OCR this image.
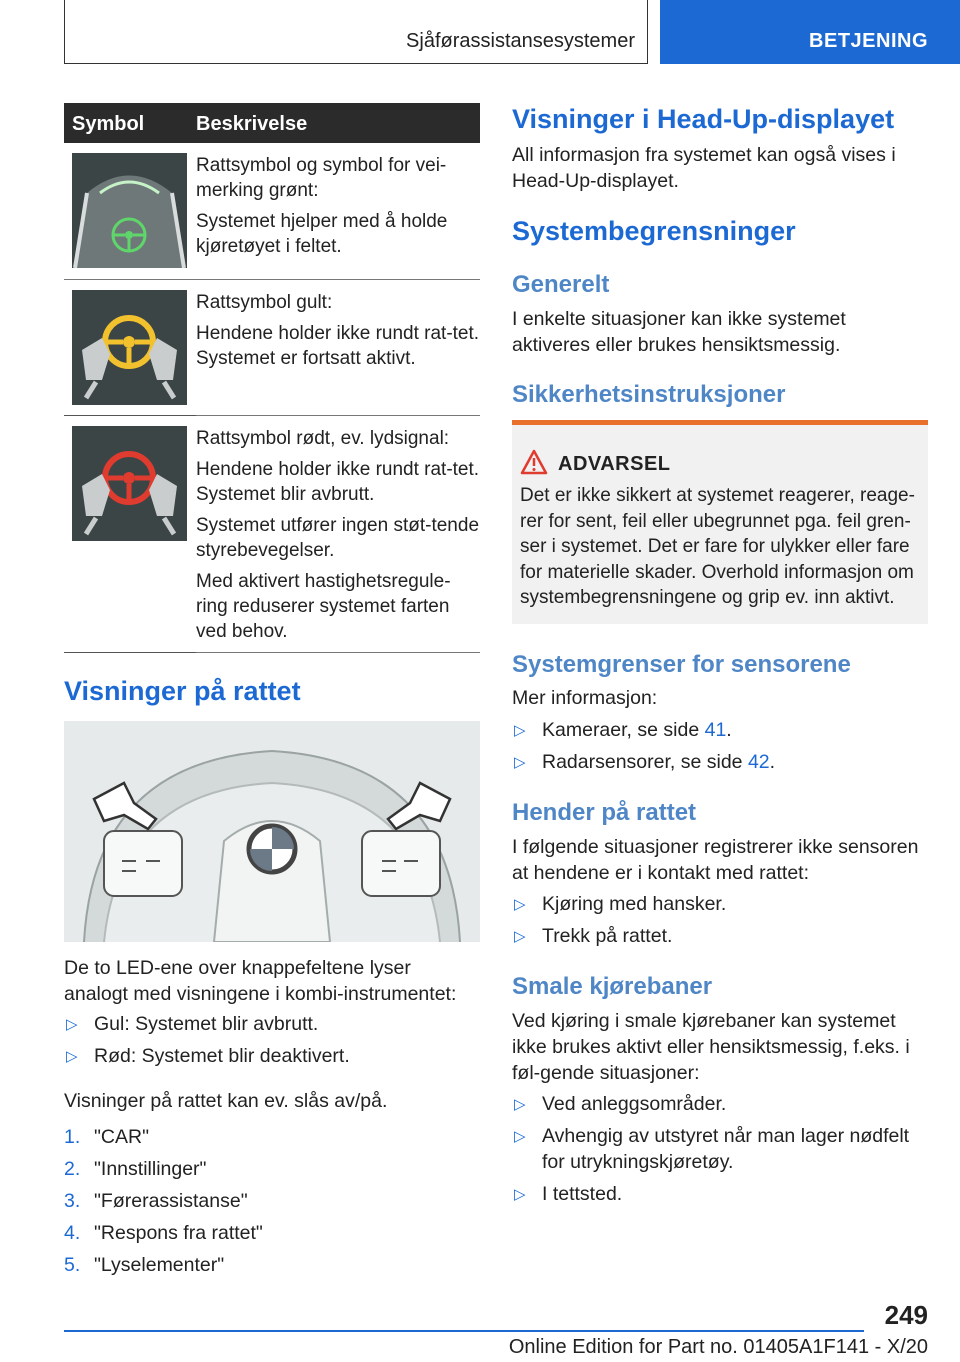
Sjåførassistansesystemer	BETJENING
Symbol	Beskrivelse

Rattsymbol og symbol for vei-merking grønt:

Systemet hjelper med å holde kjøretøyet i feltet.

Rattsymbol gult:

Hendene holder ikke rundt rat-tet. Systemet er fortsatt aktivt.

Rattsymbol rødt, ev. lydsignal:

Hendene holder ikke rundt rat-tet. Systemet blir avbrutt.

Systemet utfører ingen støt-tende styrebevegelser.

Med aktivert hastighetsregule-ring reduserer systemet farten ved behov.

Visninger på rattet
De to LED-ene over knappefeltene lyser analogt med visningene i kombi-instrumentet:
▷ Gul: Systemet blir avbrutt.
▷ Rød: Systemet blir deaktivert.
Visninger på rattet kan ev. slås av/på.
1. "CAR"
2. "Innstillinger"
3. "Førerassistanse"
4. "Respons fra rattet"
5. "Lyselementer"
Visninger i Head-Up-displayet
All informasjon fra systemet kan også vises i Head-Up-displayet.
Systembegrensninger
Generelt
I enkelte situasjoner kan ikke systemet aktiveres eller brukes hensiktsmessig.
Sikkerhetsinstruksjoner
ADVARSEL
Det er ikke sikkert at systemet reagerer, reage-rer for sent, feil eller ubegrunnet pga. feil gren-ser i systemet. Det er fare for ulykker eller fare for materielle skader. Overhold informasjon om systembegrensningene og grip ev. inn aktivt.
Systemgrenser for sensorene
Mer informasjon:
▷ Kameraer, se side 41.
▷ Radarsensorer, se side 42.
Hender på rattet
I følgende situasjoner registrerer ikke sensoren at hendene er i kontakt med rattet:
▷ Kjøring med hansker.
▷ Trekk på rattet.
Smale kjørebaner
Ved kjøring i smale kjørebaner kan systemet ikke brukes aktivt eller hensiktsmessig, f.eks. i føl-gende situasjoner:
▷ Ved anleggsområder.
▷ Avhengig av utstyret når man lager nødfelt for utrykningskjøretøy.
▷ I tettsted.
249
Online Edition for Part no. 01405A1F141 - X/20
